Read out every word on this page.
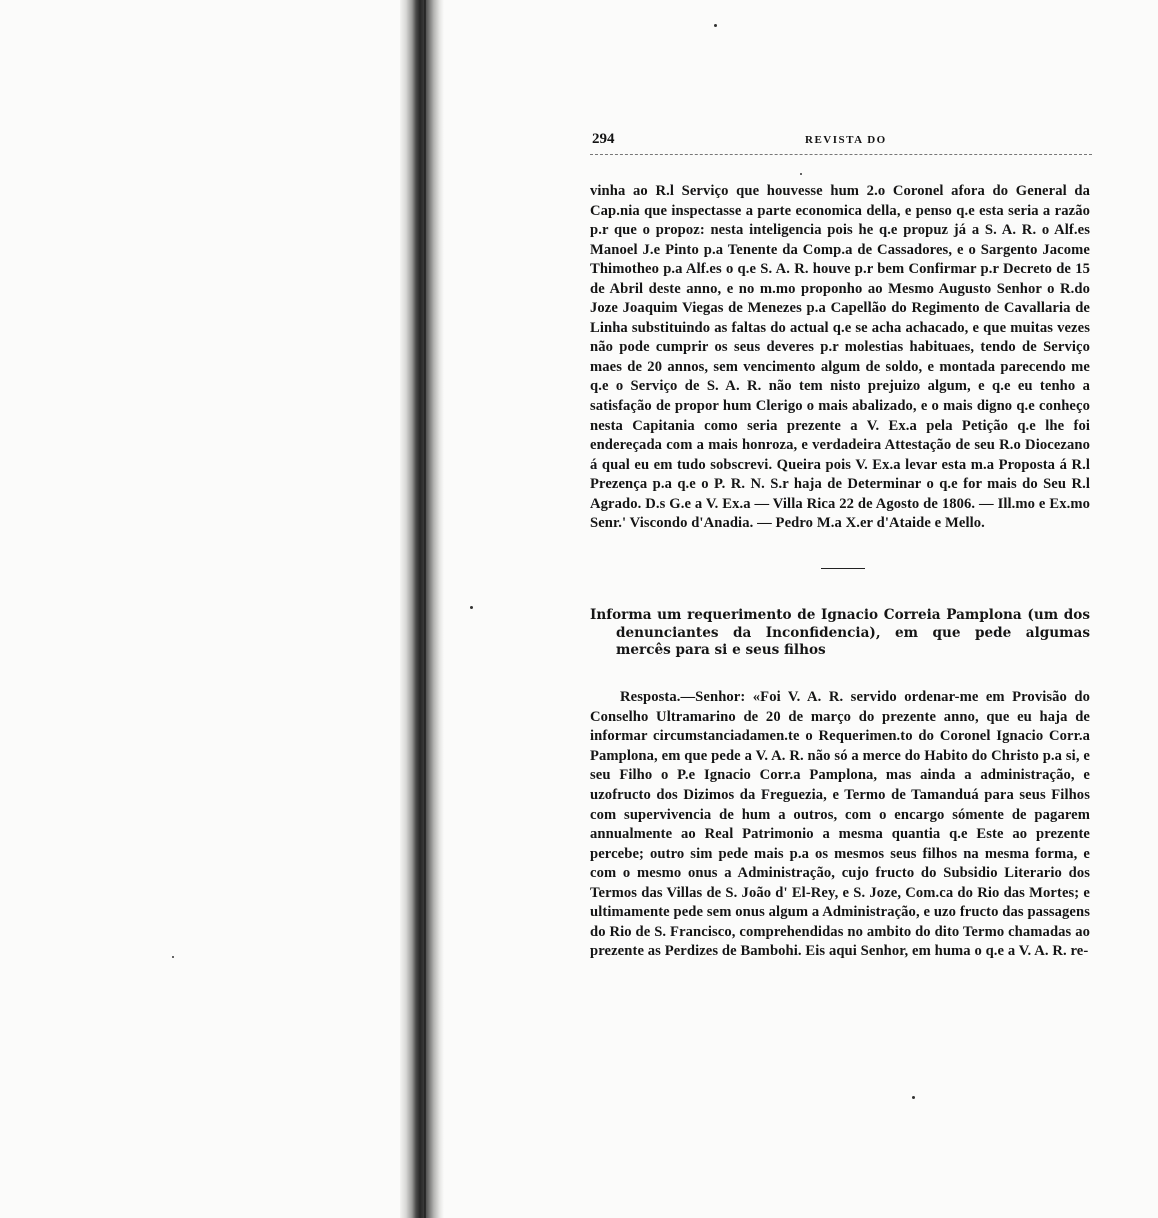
294	REVISTA DO

vinha ao R.l Serviço que houvesse hum 2.o Coronel afora do General da Cap.nia que inspectasse a parte economica della, e penso q.e esta seria a razão p.r que o propoz: nesta inteligencia pois he q.e propuz já a S. A. R. o Alf.es Manoel J.e Pinto p.a Tenente da Comp.a de Cassadores, e o Sargento Jacome Thimotheo p.a Alf.es o q.e S. A. R. houve p.r bem Confirmar p.r Decreto de 15 de Abril deste anno, e no m.mo proponho ao Mesmo Augusto Senhor o R.do Joze Joaquim Viegas de Menezes p.a Capellão do Regimento de Cavallaria de Linha substituindo as faltas do actual q.e se acha achacado, e que muitas vezes não pode cumprir os seus deveres p.r molestias habituaes, tendo de Serviço maes de 20 annos, sem vencimento algum de soldo, e montada parecendo me q.e o Serviço de S. A. R. não tem nisto prejuizo algum, e q.e eu tenho a satisfação de propor hum Clerigo o mais abalizado, e o mais digno q.e conheço nesta Capitania como seria prezente a V. Ex.a pela Petição q.e lhe foi endereçada com a mais honroza, e verdadeira Attestação de seu R.o Diocezano á qual eu em tudo sobscrevi. Queira pois V. Ex.a levar esta m.a Proposta á R.l Prezença p.a q.e o P. R. N. S.r haja de Determinar o q.e for mais do Seu R.l Agrado. D.s G.e a V. Ex.a — Villa Rica 22 de Agosto de 1806. — Ill.mo e Ex.mo Senr.' Viscondo d'Anadia. — Pedro M.a X.er d'Ataide e Mello.

Informa um requerimento de Ignacio Correia Pamplona (um dos denunciantes da Inconfidencia), em que pede algumas mercês para si e seus filhos

Resposta.—Senhor: «Foi V. A. R. servido ordenar-me em Provisão do Conselho Ultramarino de 20 de março do prezente anno, que eu haja de informar circumstanciadamen.te o Requerimen.to do Coronel Ignacio Corr.a Pamplona, em que pede a V. A. R. não só a merce do Habito do Christo p.a si, e seu Filho o P.e Ignacio Corr.a Pamplona, mas ainda a administração, e uzofructo dos Dizimos da Freguezia, e Termo de Tamanduá para seus Filhos com supervivencia de hum a outros, com o encargo sómente de pagarem annualmente ao Real Patrimonio a mesma quantia q.e Este ao prezente percebe; outro sim pede mais p.a os mesmos seus filhos na mesma forma, e com o mesmo onus a Administração, cujo fructo do Subsidio Literario dos Termos das Villas de S. João d' El-Rey, e S. Joze, Com.ca do Rio das Mortes; e ultimamente pede sem onus algum a Administração, e uzo fructo das passagens do Rio de S. Francisco, comprehendidas no ambito do dito Termo chamadas ao prezente as Perdizes de Bambohi. Eis aqui Senhor, em huma o q.e a V. A. R. re-
